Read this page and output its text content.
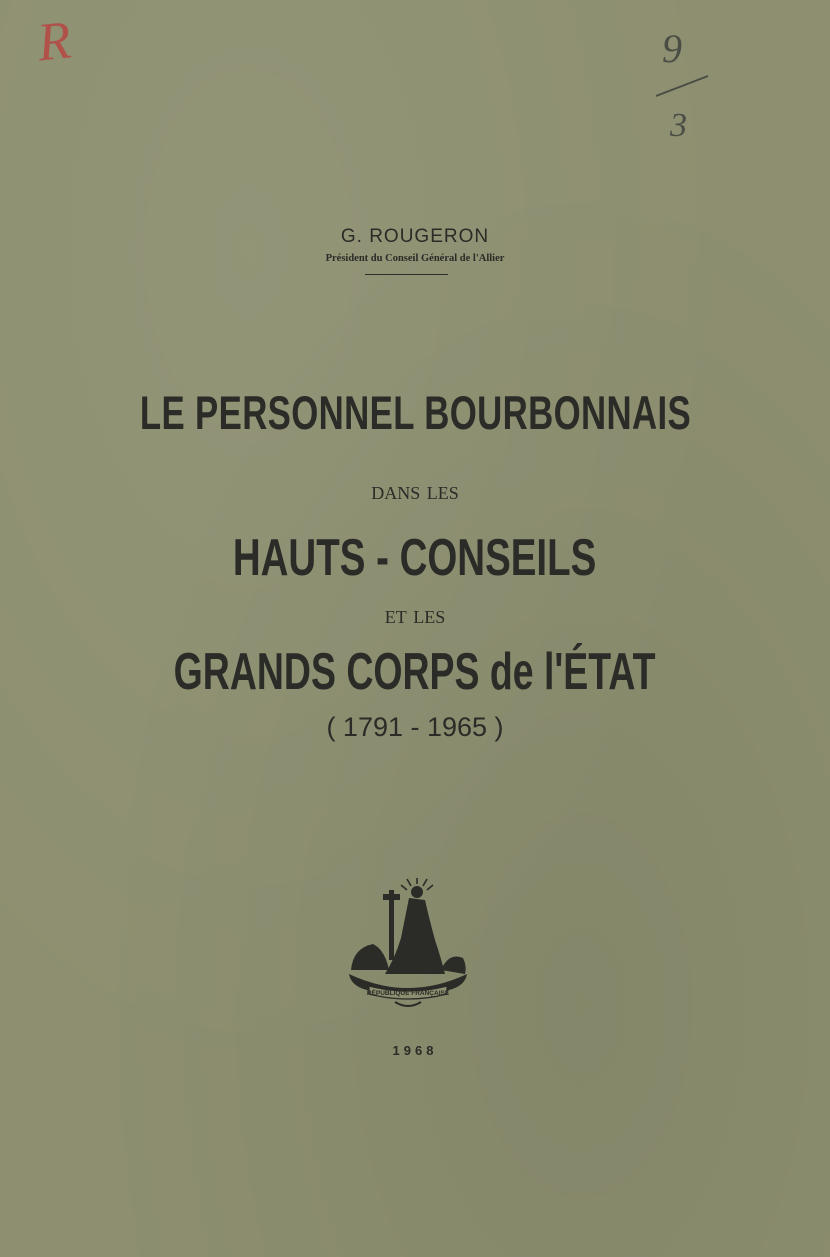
R	9
3
G. ROUGERON
Président du Conseil Général de l'Allier
LE PERSONNEL BOURBONNAIS
dans les
HAUTS - CONSEILS
et les
GRANDS CORPS de l'ÉTAT
( 1791 - 1965 )
RÉPUBLIQUE FRANÇAISE
1968
